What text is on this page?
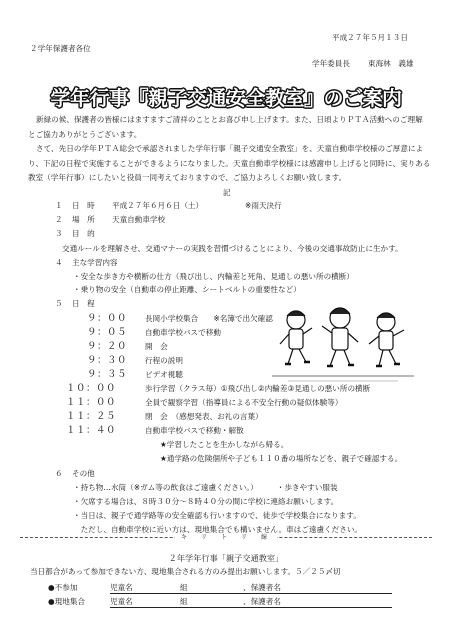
平成２７年５月１３日
２学年保護者各位
学年委員長 東海林　義雄
学年行事『親子交通安全教室』のご案内
新緑の候、保護者の皆様にはますますご清祥のこととお喜び申し上げます。また、日頃よりＰＴＡ活動へのご理解とご協力ありがとうございます。
さて、先日の学年ＰＴＡ総会で承認されました学年行事「親子交通安全教室」を、天童自動車学校様のご厚意により、下記の日程で実施することができるようになりました。天童自動車学校様には感謝申し上げると同時に、実りある教室（学年行事）にしたいと役員一同考えておりますので、ご協力よろしくお願い致します。
記
１ 日　時 平成２７年６月６日（土）	※雨天決行
２ 場　所 天童自動車学校
３ 目　的
交通ルールを理解させ、交通マナーの実践を習慣づけることにより、今後の交通事故防止に生かす。
４ 主な学習内容
・安全な歩き方や横断の仕方（飛び出し、内輪差と死角、見通しの悪い所の横断）
・乗り物の安全（自動車の停止距離、シートベルトの重要性など）
５ 日　程
９：００	長岡小学校集合　　※名簿で出欠確認
９：０５	自動車学校バスで移動
９：２０	開　会
９：３０	行程の説明
９：３５	ビデオ視聴
１０：００	歩行学習（クラス毎）①飛び出し②内輪差③見通しの悪い所の横断
１１：００	全員で観察学習（指導員による不安全行動の疑似体験等）
１１：２５	閉　会　（感想発表、お礼の言葉）
１１：４０	自動車学校バスで移動・解散
★学習したことを生かしながら帰る。
★通学路の危険個所や子ども１１０番の場所などを、親子で確認する。
６ その他
・持ち物…水筒（※ガム等の飲食はご遠慮ください。）　　　・歩きやすい服装
・欠席する場合は、８時３０分～８時４０分の間に学校に連絡お願いします。
・当日は、親子で通学路等の安全確認も行いますので、徒歩で学校集合になります。
　ただし、自動車学校に近い方は、現地集合でも構いません。車はご遠慮ください。
キ　リ　ト　リ　線
２年学年行事「親子交通教室」
当日都合があって参加できない方、現地集合される方のみ提出お願いします。５／２５〆切
●不参加	児童名	組	、保護者名
●現地集合	児童名	組	、保護者名
